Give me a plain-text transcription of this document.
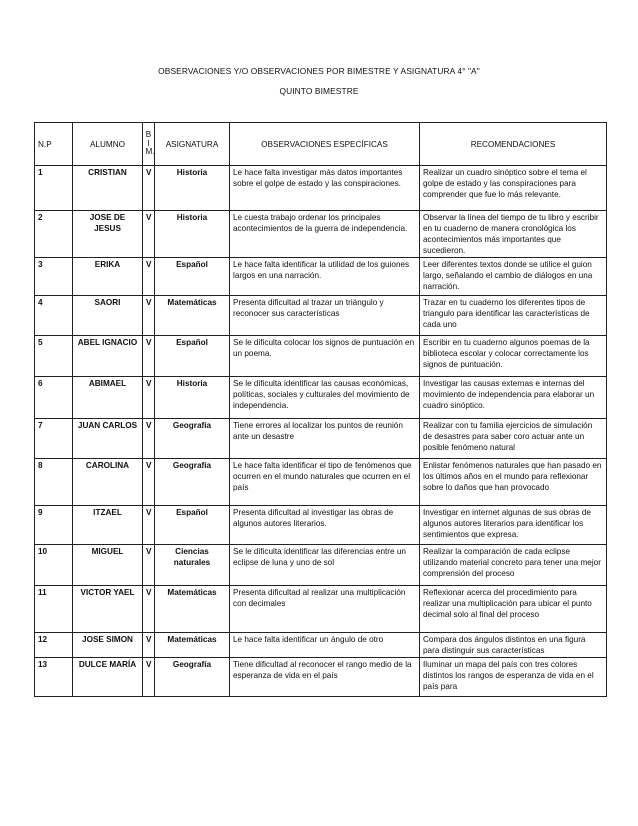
OBSERVACIONES Y/O OBSERVACIONES POR BIMESTRE Y ASIGNATURA 4° "A"
QUINTO BIMESTRE
N.P	ALUMNO	BIM.	ASIGNATURA	OBSERVACIONES ESPECÍFICAS	RECOMENDACIONES
1	CRISTIAN	V	Historia	Le hace falta investigar más datos importantes sobre el golpe de estado y las conspiraciones.	Realizar un cuadro sinóptico sobre el tema el golpe de estado y las conspiraciones para comprender que fue lo más relevante.
2	JOSE DE JESUS	V	Historia	Le cuesta trabajo ordenar los principales acontecimientos de la guerra de independencia.	Observar la línea del tiempo de tu libro y escribir en tu cuaderno de manera cronológica los acontecimientos más importantes que sucedieron.
3	ERIKA	V	Español	Le hace falta identificar la utilidad de los guiones largos en una narración.	Leer diferentes textos donde se utilice el guion largo, señalando el cambio de diálogos en una narración.
4	SAORI	V	Matemáticas	Presenta dificultad al trazar un triángulo y reconocer sus características	Trazar en tu cuaderno los diferentes tipos de triangulo para identificar las características de cada uno
5	ABEL IGNACIO	V	Español	Se le dificulta colocar los signos de puntuación en un poema.	Escribir en tu cuaderno algunos poemas de la biblioteca escolar y colocar correctamente los signos de puntuación.
6	ABIMAEL	V	Historia	Se le dificulta identificar las causas económicas, políticas, sociales y culturales del movimiento de independencia.	Investigar las causas externas e internas del movimiento de independencia para elaborar un cuadro sinóptico.
7	JUAN CARLOS	V	Geografía	Tiene errores al localizar los puntos de reunión ante un desastre	Realizar con tu familia ejercicios de simulación de desastres para saber coro actuar ante un posible fenómeno natural
8	CAROLINA	V	Geografía	Le hace falta identificar el tipo de fenómenos que ocurren en el mundo naturales que ocurren en el país	Enlistar fenómenos naturales que han pasado en los últimos años en el mundo para reflexionar sobre lo daños que han provocado
9	ITZAEL	V	Español	Presenta dificultad al investigar las obras de algunos autores literarios.	Investigar en internet algunas de sus obras de algunos autores literarios para identificar los sentimientos que expresa.
10	MIGUEL	V	Ciencias naturales	Se le dificulta identificar las diferencias entre un eclipse de luna y uno de sol	Realizar la comparación de cada eclipse utilizando material concreto para tener una mejor comprensión del proceso
11	VICTOR YAEL	V	Matemáticas	Presenta dificultad al realizar una multiplicación con decimales	Reflexionar acerca del procedimiento para realizar una multiplicación para ubicar el punto decimal solo al final del proceso
12	JOSE SIMON	V	Matemáticas	Le hace falta identificar un ángulo de otro	Compara dos ángulos distintos en una figura para distinguir sus características
13	DULCE MARÍA	V	Geografía	Tiene dificultad al reconocer el rango medio de la esperanza de vida en el país	Iluminar un mapa del país con tres colores distintos los rangos de esperanza de vida en el país para
